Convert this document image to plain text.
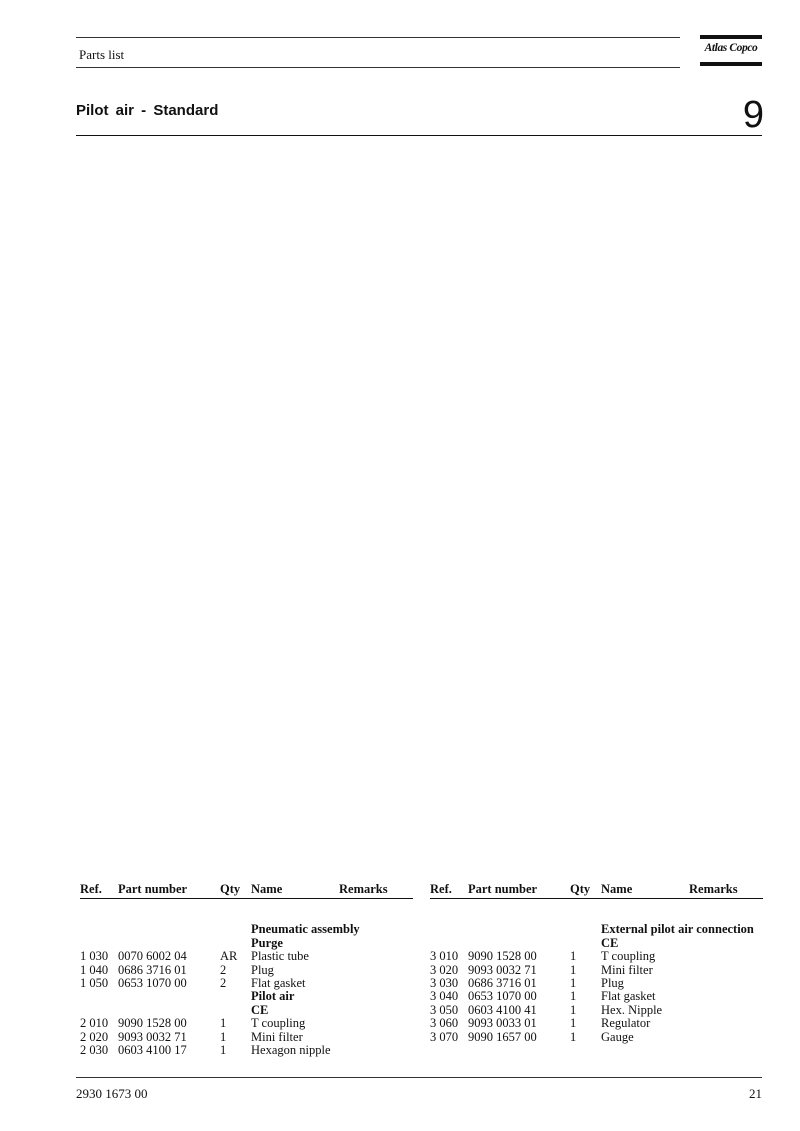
Parts list	Atlas Copco
Pilot air - Standard	9
Ref. Part number	Qty Name	Remarks
Pneumatic assembly
Purge
1 030 0070 6002 04	AR Plastic tube
1 040 0686 3716 01	2 Plug
1 050 0653 1070 00	2 Flat gasket
Pilot air
CE
2 010 9090 1528 00	1 T coupling
2 020 9093 0032 71	1 Mini filter
2 030 0603 4100 17	1 Hexagon nipple
Ref. Part number	Qty Name	Remarks
External pilot air connection
CE
3 010 9090 1528 00	1 T coupling
3 020 9093 0032 71	1 Mini filter
3 030 0686 3716 01	1 Plug
3 040 0653 1070 00	1 Flat gasket
3 050 0603 4100 41	1 Hex. Nipple
3 060 9093 0033 01	1 Regulator
3 070 9090 1657 00	1 Gauge
2930 1673 00	21
